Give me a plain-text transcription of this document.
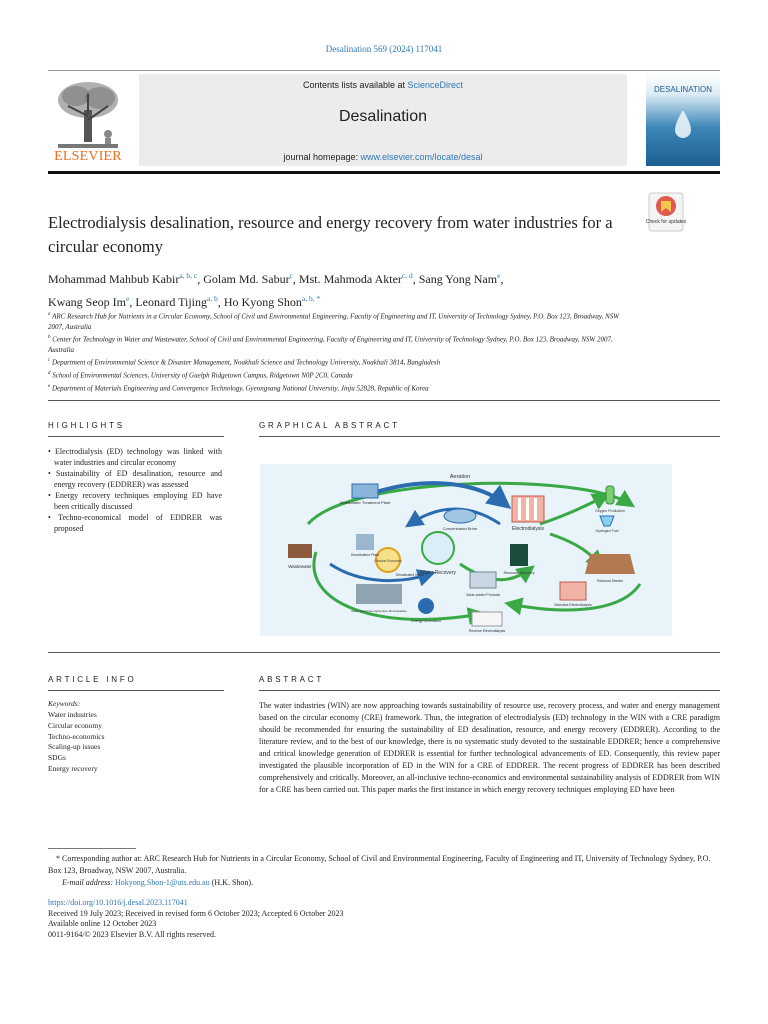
Desalination 569 (2024) 117041
ELSEVIER
Contents lists available at ScienceDirect
Desalination
journal homepage: www.elsevier.com/locate/desal
DESALINATION
Electrodialysis desalination, resource and energy recovery from water industries for a circular economy
Check for updates
Mohammad Mahbub Kabir$^{a, b, c}$, Golam Md. Sabur$^c$, Mst. Mahmoda Akter$^{c, d}$, Sang Yong Nam$^e$,
Kwang Seop Im$^e$, Leonard Tijing$^{a, b}$, Ho Kyong Shon$^{a, b, *}$
$^a$ ARC Research Hub for Nutrients in a Circular Economy, School of Civil and Environmental Engineering, Faculty of Engineering and IT, University of Technology Sydney, P.O. Box 123, Broadway, NSW 2007, Australia
$^b$ Center for Technology in Water and Wastewater, School of Civil and Environmental Engineering, Faculty of Engineering and IT, University of Technology Sydney, P.O. Box 123, Broadway, NSW 2007, Australia
$^c$ Department of Environmental Science & Disaster Management, Noakhali Science and Technology University, Noakhali 3814, Bangladesh
$^d$ School of Environmental Sciences, University of Guelph Ridgetown Campus, Ridgetown N0P 2C0, Canada
$^e$ Department of Materials Engineering and Convergence Technology, Gyeongsang National University, Jinju 52828, Republic of Korea
HIGHLIGHTS
• Electrodialysis (ED) technology was linked with water industries and circular economy
• Sustainability of ED desalination, resource and energy recovery (EDDRER) was assessed
• Energy recovery techniques employing ED have been critically discussed
• Techno-economical model of EDDRER was proposed
GRAPHICAL ABSTRACT
Aeration
Wastewater Treatment Plant
Concentrated Brine	Electrodialysis
Oxygen Production
Hydrogen Fuel
Desalination Plant
Circular Economy
Desalinated Water
Water Recovery	Resource Recovery
Residual Stream
Wastewater
Water Industries Agriculture Municipalities
Value-added Products
Selective Electrodialysis
Energy Generation
Reverse Electrodialysis
ARTICLE INFO
Keywords:
Water industries
Circular economy
Techno-economics
Scaling-up issues
SDGs
Energy recovery
ABSTRACT
The water industries (WIN) are now approaching towards sustainability of resource use, recovery process, and water and energy management based on the circular economy (CRE) framework. Thus, the integration of electrodialysis (ED) technology in the WIN with a CRE paradigm should be recommended for ensuring the sustainability of ED desalination, resource, and energy recovery (EDDRER). According to the literature review, and to the best of our knowledge, there is no systematic study devoted to the sustainable EDDRER; hence a comprehensive and critical knowledge generation of EDDRER is essential for further technological advancements of ED. Consequently, this review paper investigated the plausible incorporation of ED in the WIN for a CRE of EDDRER. The recent progress of EDDRER has been described comprehensively and critically. Moreover, an all-inclusive techno-economics and environmental sustainability analysis of EDDRER from WIN for a CRE has been carried out. This paper marks the first instance in which energy recovery techniques employing ED have been
* Corresponding author at: ARC Research Hub for Nutrients in a Circular Economy, School of Civil and Environmental Engineering, Faculty of Engineering and IT, University of Technology Sydney, P.O. Box 123, Broadway, NSW 2007, Australia.
E-mail address: Hokyong.Shon-1@uts.edu.au (H.K. Shon).
https://doi.org/10.1016/j.desal.2023.117041
Received 19 July 2023; Received in revised form 6 October 2023; Accepted 6 October 2023
Available online 12 October 2023
0011-9164/© 2023 Elsevier B.V. All rights reserved.
